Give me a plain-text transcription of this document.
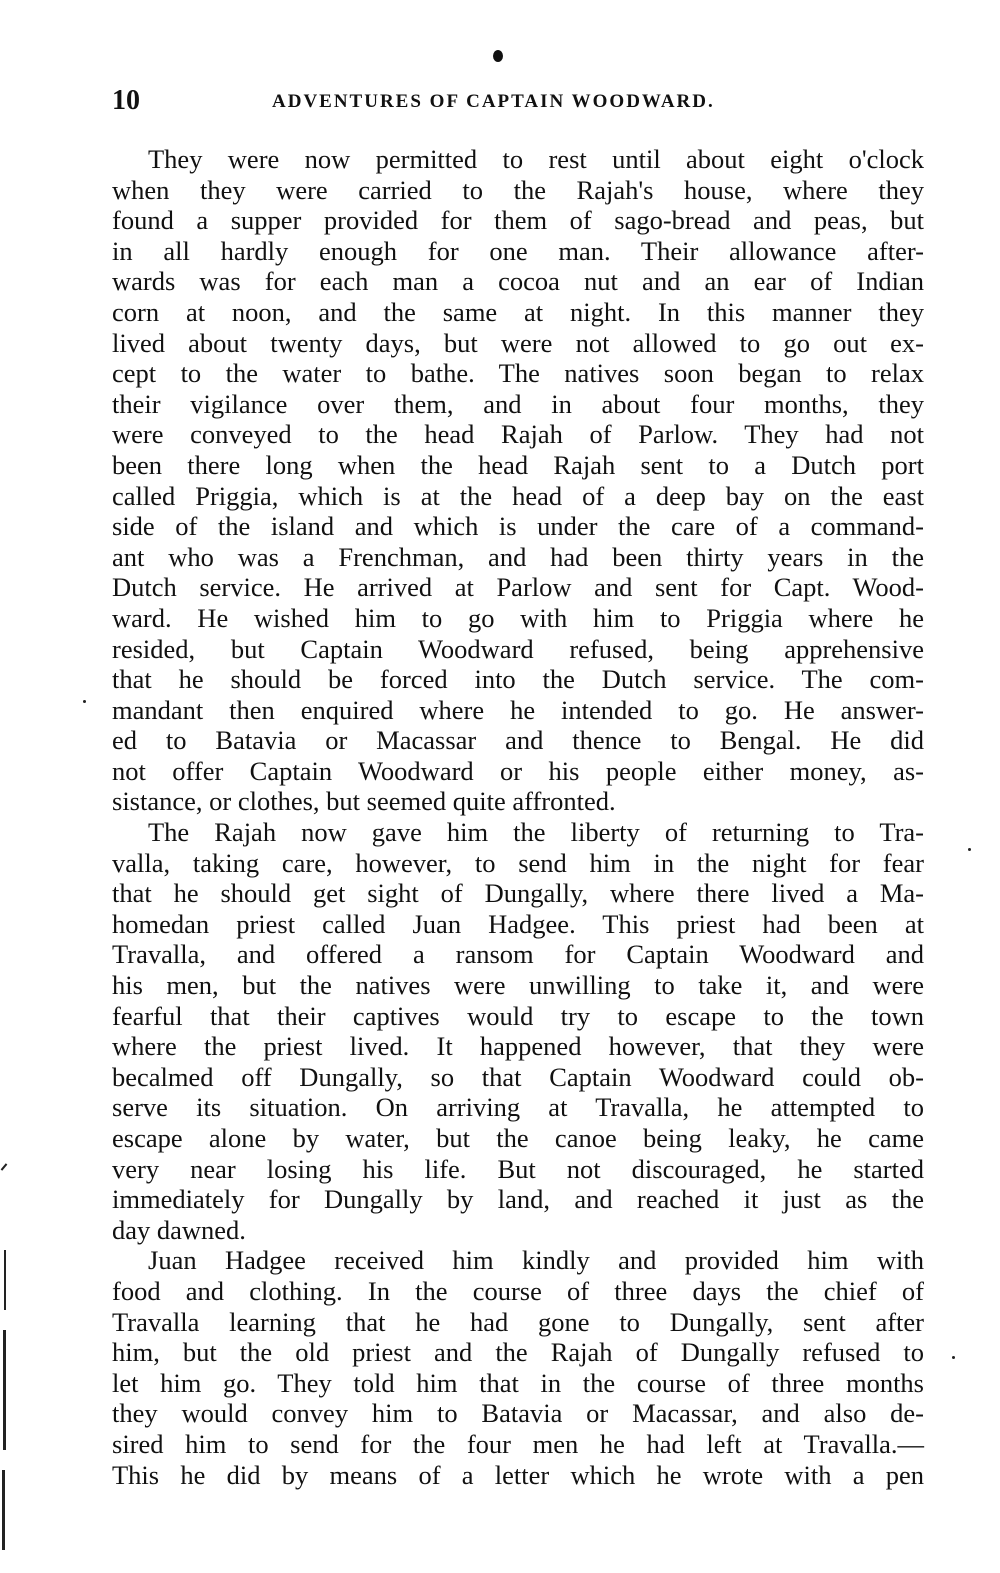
10	ADVENTURES OF CAPTAIN WOODWARD.
They were now permitted to rest until about eight o'clock
when they were carried to the Rajah's house, where they
found a supper provided for them of sago-bread and peas, but
in all hardly enough for one man. Their allowance after-
wards was for each man a cocoa nut and an ear of Indian
corn at noon, and the same at night. In this manner they
lived about twenty days, but were not allowed to go out ex-
cept to the water to bathe. The natives soon began to relax
their vigilance over them, and in about four months, they
were conveyed to the head Rajah of Parlow. They had not
been there long when the head Rajah sent to a Dutch port
called Priggia, which is at the head of a deep bay on the east
side of the island and which is under the care of a command-
ant who was a Frenchman, and had been thirty years in the
Dutch service. He arrived at Parlow and sent for Capt. Wood-
ward. He wished him to go with him to Priggia where he
resided, but Captain Woodward refused, being apprehensive
that he should be forced into the Dutch service. The com-
mandant then enquired where he intended to go. He answer-
ed to Batavia or Macassar and thence to Bengal. He did
not offer Captain Woodward or his people either money, as-
sistance, or clothes, but seemed quite affronted.
The Rajah now gave him the liberty of returning to Tra-
valla, taking care, however, to send him in the night for fear
that he should get sight of Dungally, where there lived a Ma-
homedan priest called Juan Hadgee. This priest had been at
Travalla, and offered a ransom for Captain Woodward and
his men, but the natives were unwilling to take it, and were
fearful that their captives would try to escape to the town
where the priest lived. It happened however, that they were
becalmed off Dungally, so that Captain Woodward could ob-
serve its situation. On arriving at Travalla, he attempted to
escape alone by water, but the canoe being leaky, he came
very near losing his life. But not discouraged, he started
immediately for Dungally by land, and reached it just as the
day dawned.
Juan Hadgee received him kindly and provided him with
food and clothing. In the course of three days the chief of
Travalla learning that he had gone to Dungally, sent after
him, but the old priest and the Rajah of Dungally refused to
let him go. They told him that in the course of three months
they would convey him to Batavia or Macassar, and also de-
sired him to send for the four men he had left at Travalla.—
This he did by means of a letter which he wrote with a pen
